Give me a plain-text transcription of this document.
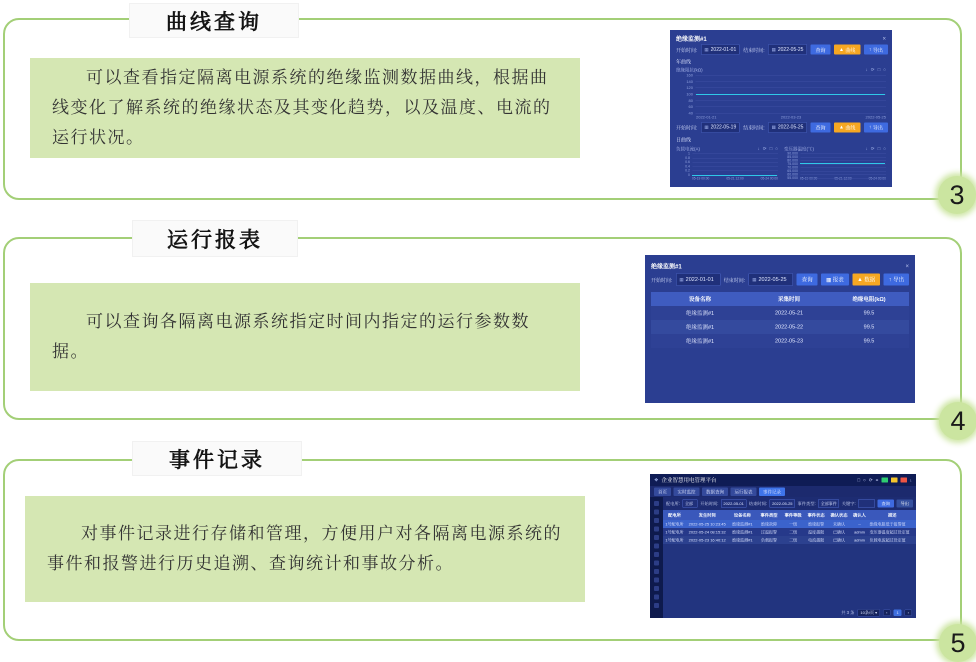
曲线查询

可以查看指定隔离电源系统的绝缘监测数据曲线，根据曲线变化了解系统的绝缘状态及其变化趋势，以及温度、电流的运行状况。

绝缘监测#1	×
开始时间: ▦ 2022-01-01 结束时间: ▦ 2022-05-25 查询 ▲ 曲线 ↑ 导出
年曲线
绝缘阻抗(kΩ)	↓ ⟳ □ ○
160
140
120
100
80
60
40
2022-01-21	2022-03-23	2022-05-25
开始时间: ▦ 2022-05-19 结束时间: ▦ 2022-05-25 查询 ▲ 曲线 ↑ 导出
日曲线
负载电流(A)	↓ ⟳ □ ○
1
0.8
0.6
0.4
0.2
0
05-19 00:00	05-21 12:00	05-24 00:00
变压器温度(℃)	↓ ⟳ □ ○
90.000
85.000
80.000
75.000
70.000
65.000
60.000
55.000 05-19 00:00	05-21 12:00	05-24 00:00
3
运行报表

可以查询各隔离电源系统指定时间内指定的运行参数数据。

绝缘监测#1	×
开始时间: ▦ 2022-01-01 结束时间: ▦ 2022-05-25 查询 ▦ 报表 ▲ 数据 ↑ 导出
设备名称	采集时间	绝缘电阻(kΩ)
绝缘监测#1	2022-05-21	99.5
绝缘监测#1	2022-05-22	99.5
绝缘监测#1	2022-05-23	99.5
4
事件记录

对事件记录进行存储和管理，方便用户对各隔离电源系统的事件和报警进行历史追溯、查询统计和事故分析。

❖ 企业智慧用电管理平台	□ ○ ⟳ ≡	↓
首页	实时监控	数据查询	运行报表	事件记录
配电所: 全部 开始时间: 2022-05-01 结束时间: 2022-05-25 事件类型: 全部事件 关键字:	查询 导出
配电所	发生时间	设备名称	事件类型	事件等级	事件状态	确认状态	确认人	描述
1号配电所	2022-05-25 10:23:45	绝缘监测#1	绝缘故障	一级	绝缘报警	未确认	--	绝缘电阻低于报警值
1号配电所	2022-05-24 08:15:32	绝缘监测#1	过温报警	二级	温度越限	已确认	admin	变压器温度超过设定值
1号配电所	2022-05-23 16:40:12	绝缘监测#1	负载报警	二级	电流越限	已确认	admin	负载电流超过设定值
共 3 条 10条/页 ▾	‹	1	›
5
